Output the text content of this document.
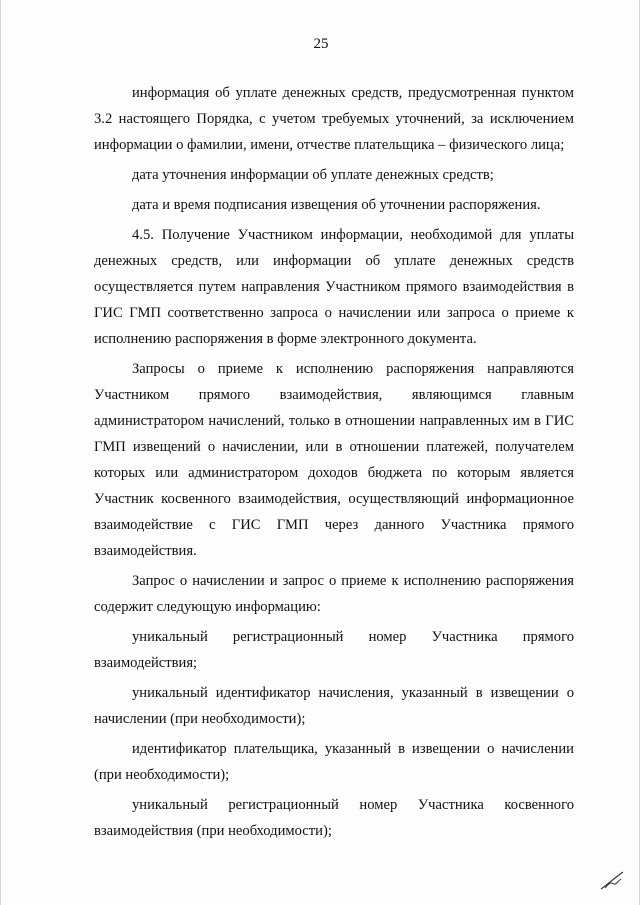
25

информация об уплате денежных средств, предусмотренная пунктом 3.2 настоящего Порядка, с учетом требуемых уточнений, за исключением информации о фамилии, имени, отчестве плательщика – физического лица;

дата уточнения информации об уплате денежных средств;

дата и время подписания извещения об уточнении распоряжения.

4.5. Получение Участником информации, необходимой для уплаты денежных средств, или информации об уплате денежных средств осуществляется путем направления Участником прямого взаимодействия в ГИС ГМП соответственно запроса о начислении или запроса о приеме к исполнению распоряжения в форме электронного документа.

Запросы о приеме к исполнению распоряжения направляются Участником прямого взаимодействия, являющимся главным администратором начислений, только в отношении направленных им в ГИС ГМП извещений о начислении, или в отношении платежей, получателем которых или администратором доходов бюджета по которым является Участник косвенного взаимодействия, осуществляющий информационное взаимодействие с ГИС ГМП через данного Участника прямого взаимодействия.

Запрос о начислении и запрос о приеме к исполнению распоряжения содержит следующую информацию:

уникальный регистрационный номер Участника прямого взаимодействия;

уникальный идентификатор начисления, указанный в извещении о начислении (при необходимости);

идентификатор плательщика, указанный в извещении о начислении (при необходимости);

уникальный регистрационный номер Участника косвенного взаимодействия (при необходимости);
